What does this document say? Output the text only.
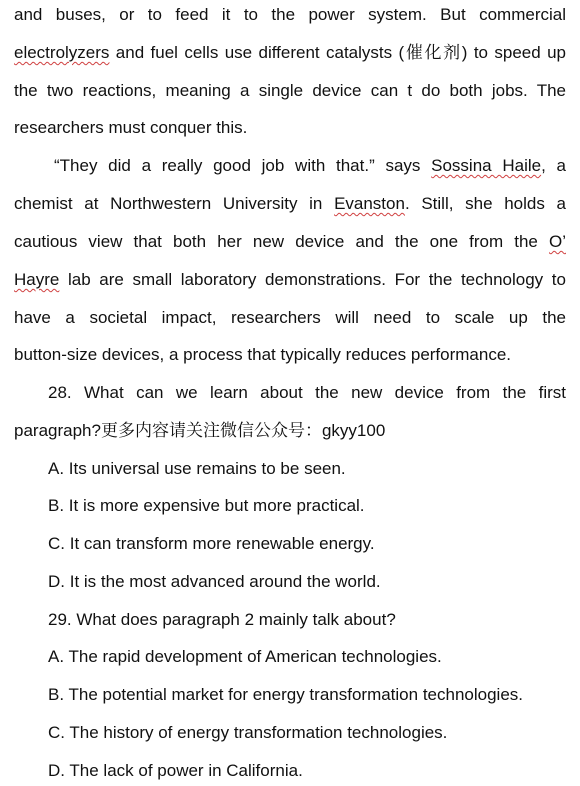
and buses, or to feed it to the power system. But commercial
electrolyzers and fuel cells use different catalysts (催化剂) to speed up
the two reactions, meaning a single device can t do both jobs. The
researchers must conquer this.
“They did a really good job with that.” says Sossina Haile, a
chemist at Northwestern University in Evanston. Still, she holds a
cautious view that both her new device and the one from the O’
Hayre lab are small laboratory demonstrations. For the technology to
have a societal impact, researchers will need to scale up the
button-size devices, a process that typically reduces performance.
28. What can we learn about the new device from the first
paragraph?更多内容请关注微信公众号：gkyy100
A. Its universal use remains to be seen.
B. It is more expensive but more practical.
C. It can transform more renewable energy.
D. It is the most advanced around the world.
29. What does paragraph 2 mainly talk about?
A. The rapid development of American technologies.
B. The potential market for energy transformation technologies.
C. The history of energy transformation technologies.
D. The lack of power in California.
